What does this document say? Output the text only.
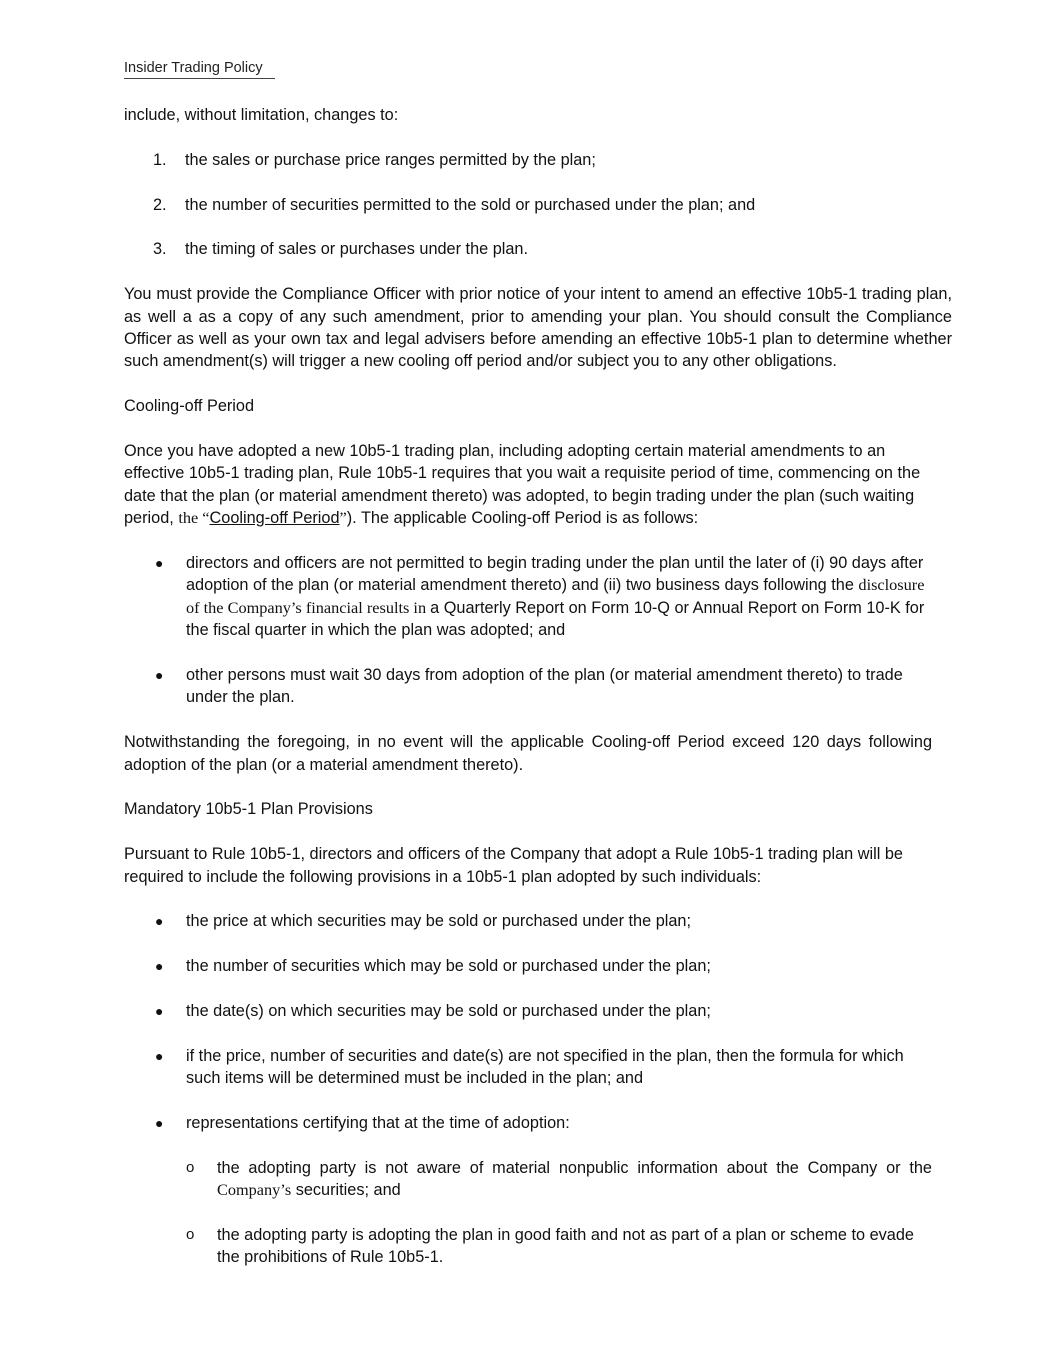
Insider Trading Policy

include, without limitation, changes to:

1. the sales or purchase price ranges permitted by the plan;
2. the number of securities permitted to the sold or purchased under the plan; and
3. the timing of sales or purchases under the plan.

You must provide the Compliance Officer with prior notice of your intent to amend an effective 10b5-1 trading plan, as well a as a copy of any such amendment, prior to amending your plan. You should consult the Compliance Officer as well as your own tax and legal advisers before amending an effective 10b5-1 plan to determine whether such amendment(s) will trigger a new cooling off period and/or subject you to any other obligations.

Cooling-off Period

Once you have adopted a new 10b5-1 trading plan, including adopting certain material amendments to an effective 10b5-1 trading plan, Rule 10b5-1 requires that you wait a requisite period of time, commencing on the date that the plan (or material amendment thereto) was adopted, to begin trading under the plan (such waiting period, the “Cooling-off Period”). The applicable Cooling-off Period is as follows:

● directors and officers are not permitted to begin trading under the plan until the later of (i) 90 days after adoption of the plan (or material amendment thereto) and (ii) two business days following the disclosure of the Company’s financial results in a Quarterly Report on Form 10-Q or Annual Report on Form 10-K for the fiscal quarter in which the plan was adopted; and
● other persons must wait 30 days from adoption of the plan (or material amendment thereto) to trade under the plan.

Notwithstanding the foregoing, in no event will the applicable Cooling-off Period exceed 120 days following adoption of the plan (or a material amendment thereto).

Mandatory 10b5-1 Plan Provisions

Pursuant to Rule 10b5-1, directors and officers of the Company that adopt a Rule 10b5-1 trading plan will be required to include the following provisions in a 10b5-1 plan adopted by such individuals:

● the price at which securities may be sold or purchased under the plan;
● the number of securities which may be sold or purchased under the plan;
● the date(s) on which securities may be sold or purchased under the plan;
● if the price, number of securities and date(s) are not specified in the plan, then the formula for which such items will be determined must be included in the plan; and
● representations certifying that at the time of adoption:
o the adopting party is not aware of material nonpublic information about the Company or the Company’s securities; and
o the adopting party is adopting the plan in good faith and not as part of a plan or scheme to evade the prohibitions of Rule 10b5-1.
